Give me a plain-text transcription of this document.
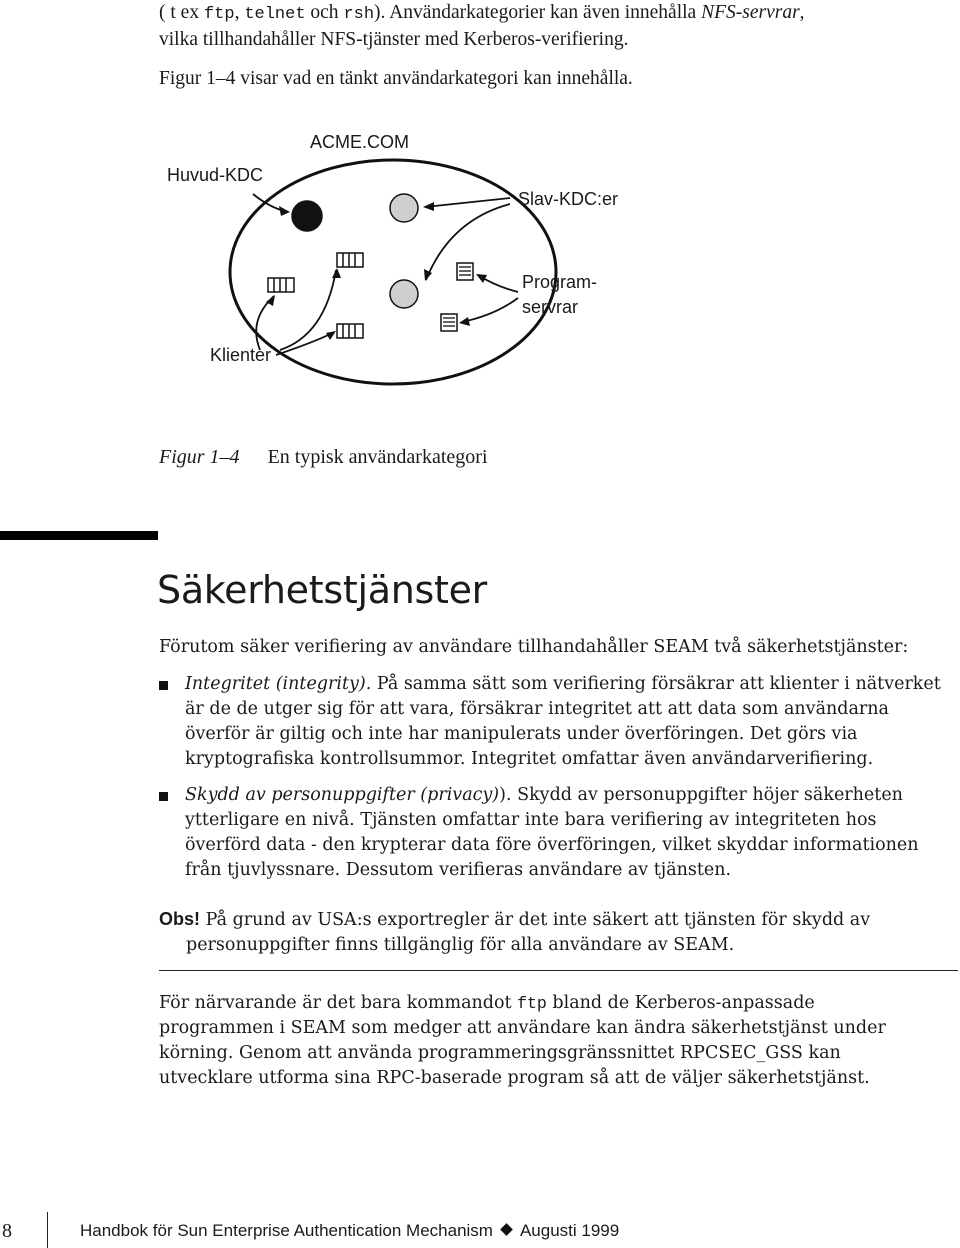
( t ex ftp, telnet och rsh). Användarkategorier kan även innehålla NFS-servrar,
vilka tillhandahåller NFS-tjänster med Kerberos-verifiering.
Figur 1–4 visar vad en tänkt användarkategori kan innehålla.
ACME.COM
Huvud-KDC
Slav-KDC:er
Program-
servrar
Klienter
Figur 1–4 En typisk användarkategori
Säkerhetstjänster
Förutom säker verifiering av användare tillhandahåller SEAM två säkerhetstjänster:
Integritet (integrity). På samma sätt som verifiering försäkrar att klienter i nätverket
är de de utger sig för att vara, försäkrar integritet att att data som användarna
överför är giltig och inte har manipulerats under överföringen. Det görs via
kryptografiska kontrollsummor. Integritet omfattar även användarverifiering.
Skydd av personuppgifter (privacy)). Skydd av personuppgifter höjer säkerheten
ytterligare en nivå. Tjänsten omfattar inte bara verifiering av integriteten hos
överförd data - den krypterar data före överföringen, vilket skyddar informationen
från tjuvlyssnare. Dessutom verifieras användare av tjänsten.
Obs! På grund av USA:s exportregler är det inte säkert att tjänsten för skydd av
personuppgifter finns tillgänglig för alla användare av SEAM.
För närvarande är det bara kommandot ftp bland de Kerberos-anpassade
programmen i SEAM som medger att användare kan ändra säkerhetstjänst under
körning. Genom att använda programmeringsgränssnittet RPCSEC_GSS kan
utvecklare utforma sina RPC-baserade program så att de väljer säkerhetstjänst.
8	Handbok för Sun Enterprise Authentication Mechanism Augusti 1999
